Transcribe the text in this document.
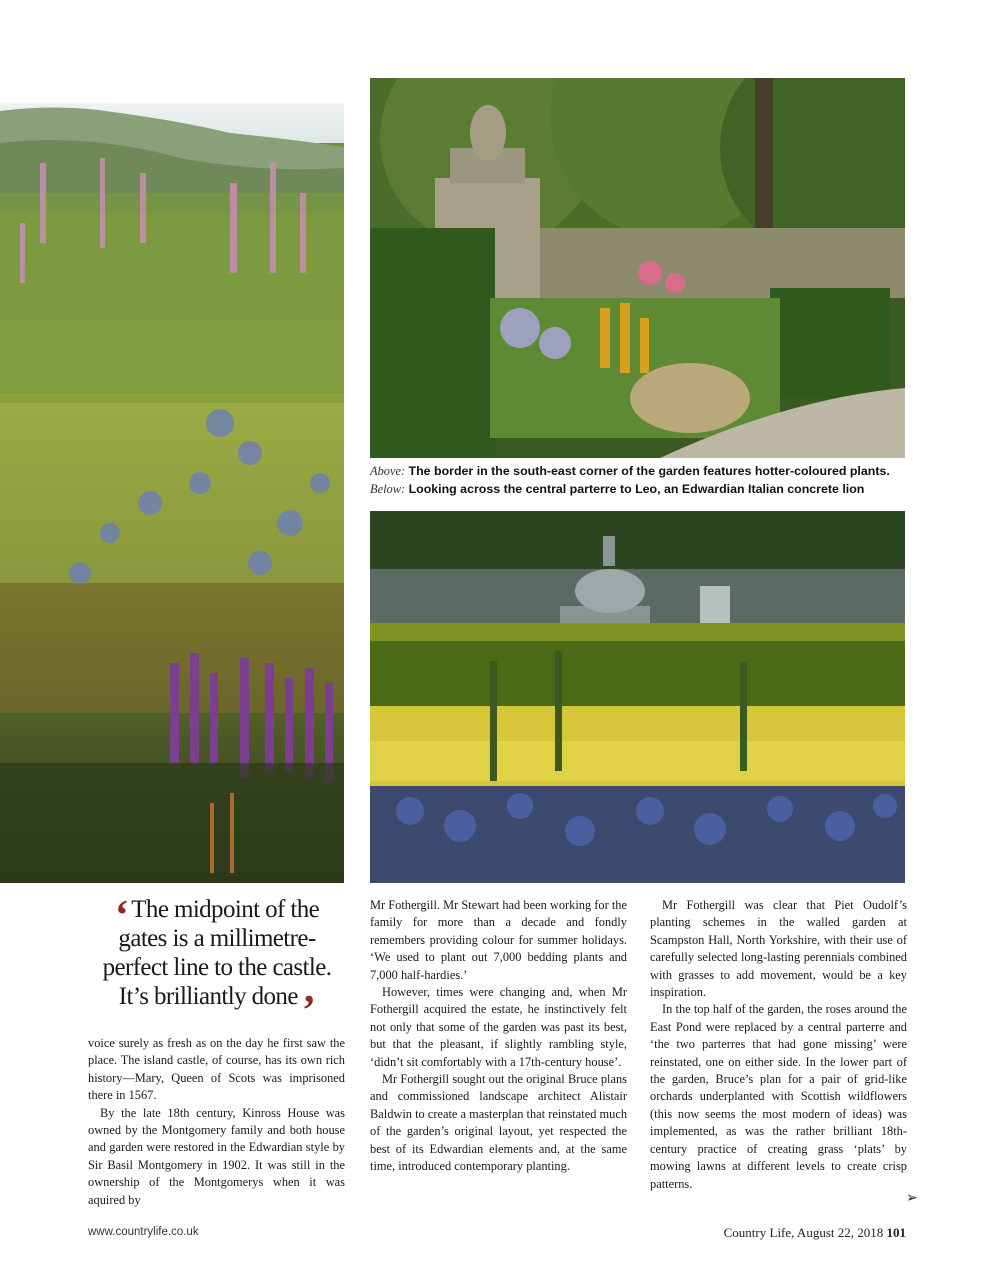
Above: The border in the south-east corner of the garden features hotter-coloured plants.
Below: Looking across the central parterre to Leo, an Edwardian Italian concrete lion
‘ The midpoint of the gates is a millimetre-perfect line to the castle. It’s brilliantly done’

voice surely as fresh as on the day he first saw the place. The island castle, of course, has its own rich history—Mary, Queen of Scots was imprisoned there in 1567.

By the late 18th century, Kinross House was owned by the Montgomery family and both house and garden were restored in the Edwardian style by Sir Basil Montgomery in 1902. It was still in the ownership of the Montgomerys when it was aquired by

Mr Fothergill. Mr Stewart had been working for the family for more than a decade and fondly remembers providing colour for summer holidays. ‘We used to plant out 7,000 bedding plants and 7,000 half-hardies.’

However, times were changing and, when Mr Fothergill acquired the estate, he instinctively felt not only that some of the garden was past its best, but that the pleasant, if slightly rambling style, ‘didn’t sit comfortably with a 17th-century house’.

Mr Fothergill sought out the original Bruce plans and commissioned landscape architect Alistair Baldwin to create a masterplan that reinstated much of the garden’s original layout, yet respected the best of its Edwardian elements and, at the same time, introduced contemporary planting.

Mr Fothergill was clear that Piet Oudolf’s planting schemes in the walled garden at Scampston Hall, North Yorkshire, with their use of carefully selected long-lasting perennials combined with grasses to add movement, would be a key inspiration.

In the top half of the garden, the roses around the East Pond were replaced by a central parterre and ‘the two parterres that had gone missing’ were reinstated, one on either side. In the lower part of the garden, Bruce’s plan for a pair of grid-like orchards underplanted with Scottish wildflowers (this now seems the most modern of ideas) was implemented, as was the rather brilliant 18th-century practice of creating grass ‘plats’ by mowing lawns at different levels to create crisp patterns.

➢
www.countrylife.co.uk	Country Life, August 22, 2018 101
